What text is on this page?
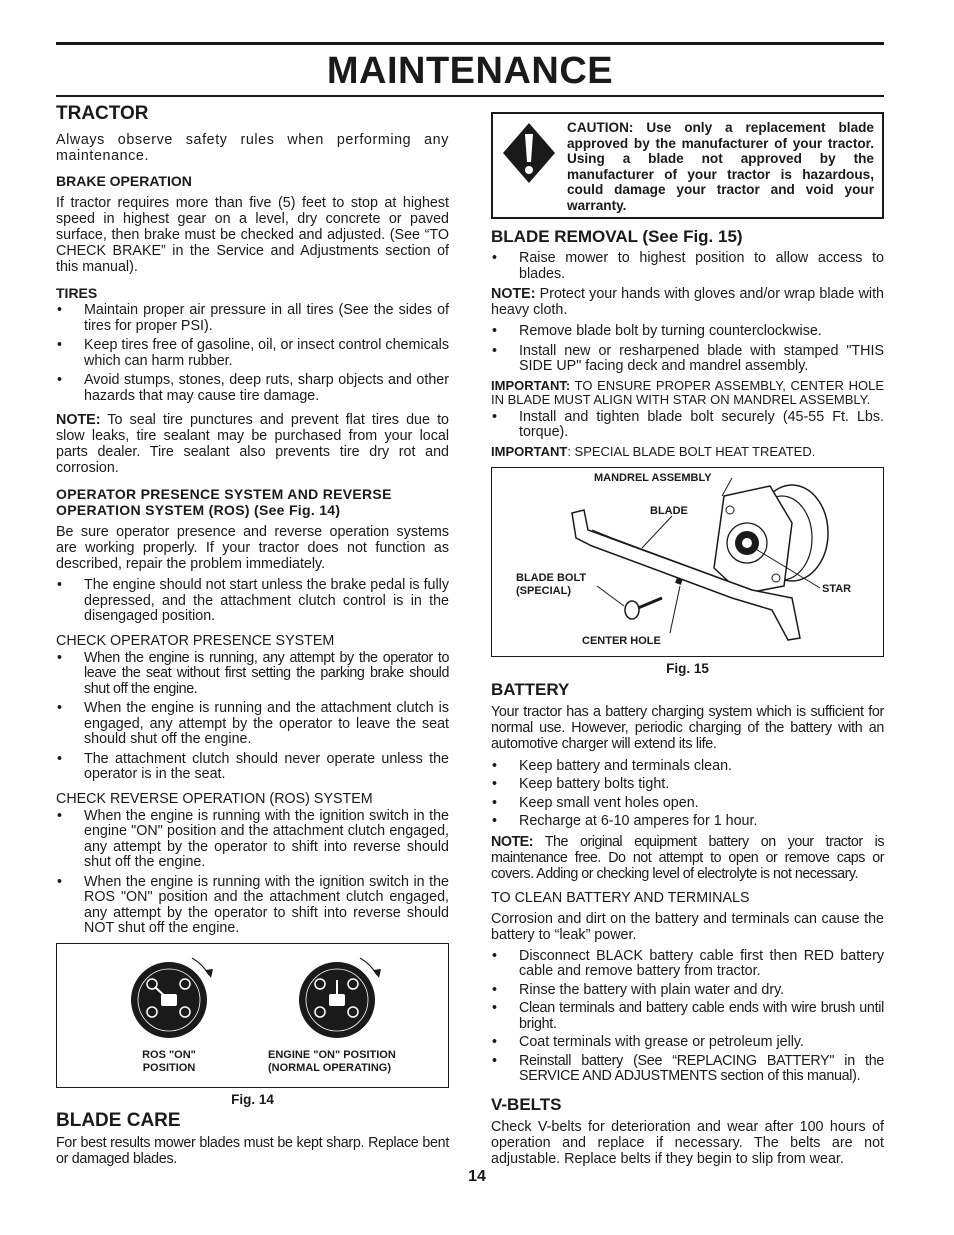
MAINTENANCE
TRACTOR

Always observe safety rules when performing any maintenance.

BRAKE OPERATION

If tractor requires more than five (5) feet to stop at highest speed in highest gear on a level, dry concrete or paved surface, then brake must be checked and adjusted. (See “TO CHECK BRAKE” in the Service and Adjustments section of this manual).

TIRES
• Maintain proper air pressure in all tires (See the sides of tires for proper PSI).
• Keep tires free of gasoline, oil, or insect control chemicals which can harm rubber.
• Avoid stumps, stones, deep ruts, sharp objects and other hazards that may cause tire damage.

NOTE: To seal tire punctures and prevent flat tires due to slow leaks, tire sealant may be purchased from your local parts dealer. Tire sealant also prevents tire dry rot and corrosion.

OPERATOR PRESENCE SYSTEM AND REVERSE OPERATION SYSTEM (ROS) (See Fig. 14)

Be sure operator presence and reverse operation systems are working properly. If your tractor does not function as described, repair the problem immediately.

• The engine should not start unless the brake pedal is fully depressed, and the attachment clutch control is in the disengaged position.
CHECK OPERATOR PRESENCE SYSTEM
• When the engine is running, any attempt by the operator to leave the seat without first setting the parking brake should shut off the engine.
• When the engine is running and the attachment clutch is engaged, any attempt by the operator to leave the seat should shut off the engine.
• The attachment clutch should never operate unless the operator is in the seat.
CHECK REVERSE OPERATION (ROS) SYSTEM
• When the engine is running with the ignition switch in the engine "ON" position and the attachment clutch engaged, any attempt by the operator to shift into reverse should shut off the engine.
• When the engine is running with the ignition switch in the ROS "ON" position and the attachment clutch engaged, any attempt by the operator to shift into reverse should NOT shut off the engine.
ROS "ON"
POSITION
ENGINE "ON" POSITION
(NORMAL OPERATING)
Fig. 14
BLADE CARE

For best results mower blades must be kept sharp. Replace bent or damaged blades.

CAUTION: Use only a replacement blade approved by the manufacturer of your tractor. Using a blade not approved by the manufacturer of your tractor is hazardous, could damage your tractor and void your warranty.
BLADE REMOVAL (See Fig. 15)
• Raise mower to highest position to allow access to blades.

NOTE: Protect your hands with gloves and/or wrap blade with heavy cloth.

• Remove blade bolt by turning counterclockwise.
• Install new or resharpened blade with stamped "THIS SIDE UP" facing deck and mandrel assembly.

IMPORTANT: TO ENSURE PROPER ASSEMBLY, CENTER HOLE IN BLADE MUST ALIGN WITH STAR ON MANDREL ASSEMBLY.

• Install and tighten blade bolt securely (45-55 Ft. Lbs. torque).

IMPORTANT: SPECIAL BLADE BOLT HEAT TREATED.

MANDREL ASSEMBLY
BLADE
BLADE BOLT
(SPECIAL)	STAR
CENTER HOLE
Fig. 15
BATTERY

Your tractor has a battery charging system which is sufficient for normal use. However, periodic charging of the battery with an automotive charger will extend its life.

• Keep battery and terminals clean.
• Keep battery bolts tight.
• Keep small vent holes open.
• Recharge at 6-10 amperes for 1 hour.

NOTE: The original equipment battery on your tractor is maintenance free. Do not attempt to open or remove caps or covers. Adding or checking level of electrolyte is not necessary.

TO CLEAN BATTERY AND TERMINALS

Corrosion and dirt on the battery and terminals can cause the battery to “leak” power.

• Disconnect BLACK battery cable first then RED battery cable and remove battery from tractor.
• Rinse the battery with plain water and dry.
• Clean terminals and battery cable ends with wire brush until bright.
• Coat terminals with grease or petroleum jelly.
• Reinstall battery (See “REPLACING BATTERY" in the SERVICE AND ADJUSTMENTS section of this manual).
V-BELTS

Check V-belts for deterioration and wear after 100 hours of operation and replace if necessary. The belts are not adjustable. Replace belts if they begin to slip from wear.

14
